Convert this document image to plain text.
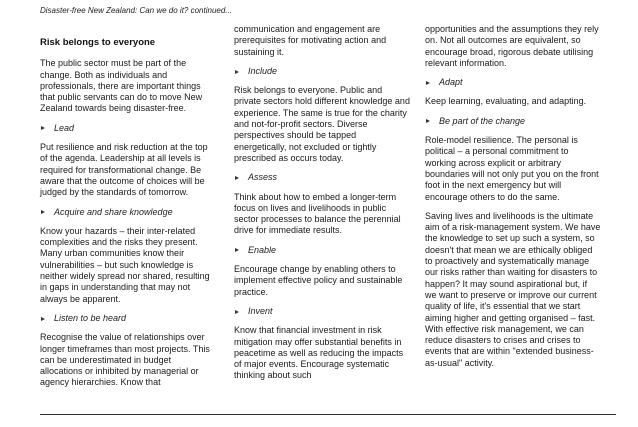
Disaster-free New Zealand: Can we do it? continued...
Risk belongs to everyone

The public sector must be part of the change. Both as individuals and professionals, there are important things that public servants can do to move New Zealand towards being disaster-free.

Lead

Put resilience and risk reduction at the top of the agenda. Leadership at all levels is required for transformational change. Be aware that the outcome of choices will be judged by the standards of tomorrow.

Acquire and share knowledge

Know your hazards – their inter-related complexities and the risks they present. Many urban communities know their vulnerabilities – but such knowledge is neither widely spread nor shared, resulting in gaps in understanding that may not always be apparent.

Listen to be heard

Recognise the value of relationships over longer timeframes than most projects. This can be underestimated in budget allocations or inhibited by managerial or agency hierarchies. Know that

communication and engagement are prerequisites for motivating action and sustaining it.

Include

Risk belongs to everyone. Public and private sectors hold different knowledge and experience. The same is true for the charity and not-for-profit sectors. Diverse perspectives should be tapped energetically, not excluded or tightly prescribed as occurs today.

Assess

Think about how to embed a longer-term focus on lives and livelihoods in public sector processes to balance the perennial drive for immediate results.

Enable

Encourage change by enabling others to implement effective policy and sustainable practice.

Invent

Know that financial investment in risk mitigation may offer substantial benefits in peacetime as well as reducing the impacts of major events. Encourage systematic thinking about such

opportunities and the assumptions they rely on. Not all outcomes are equivalent, so encourage broad, rigorous debate utilising relevant information.

Adapt

Keep learning, evaluating, and adapting.

Be part of the change

Role-model resilience. The personal is political – a personal commitment to working across explicit or arbitrary boundaries will not only put you on the front foot in the next emergency but will encourage others to do the same.

Saving lives and livelihoods is the ultimate aim of a risk-management system. We have the knowledge to set up such a system, so doesn't that mean we are ethically obliged to proactively and systematically manage our risks rather than waiting for disasters to happen? It may sound aspirational but, if we want to preserve or improve our current quality of life, it's essential that we start aiming higher and getting organised – fast. With effective risk management, we can reduce disasters to crises and crises to events that are within "extended business-as-usual" activity.
